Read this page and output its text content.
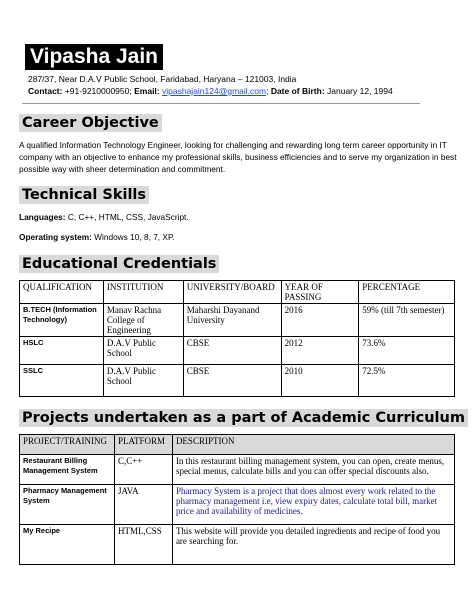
Vipasha Jain
287/37, Near D.A.V Public School, Faridabad, Haryana – 121003, India
Contact: +91-9210000950; Email: vipashajain124@gmail.com; Date of Birth: January 12, 1994
Career Objective
A qualified Information Technology Engineer, looking for challenging and rewarding long term career opportunity in IT company with an objective to enhance my professional skills, business efficiencies and to serve my organization in best possible way with sheer determination and commitment.
Technical Skills
Languages: C, C++, HTML, CSS, JavaScript.
Operating system: Windows 10, 8, 7, XP.
Educational Credentials
QUALIFICATION	INSTITUTION	UNIVERSITY/BOARD	YEAR OF PASSING	PERCENTAGE
B.TECH (Information Technology)	Manav Rachna College of Engineering	Maharshi Dayanand University	2016	59% (till 7th semester)
HSLC	D.A.V Public School	CBSE	2012	73.6%
SSLC	D.A.V Public School	CBSE	2010	72.5%
Projects undertaken as a part of Academic Curriculum
PROJECT/TRAINING	PLATFORM	DESCRIPTION
Restaurant Billing Management System	C,C++	In this restaurant billing management system, you can open, create menus, special menus, calculate bills and you can offer special discounts also.
Pharmacy Management System	JAVA	Pharmacy System is a project that does almost every work related to the pharmacy management i.e, view expiry dates, calculate total bill, market price and availability of medicines.
My Recipe	HTML,CSS	This website will provide you detailed ingredients and recipe of food you are searching for.
